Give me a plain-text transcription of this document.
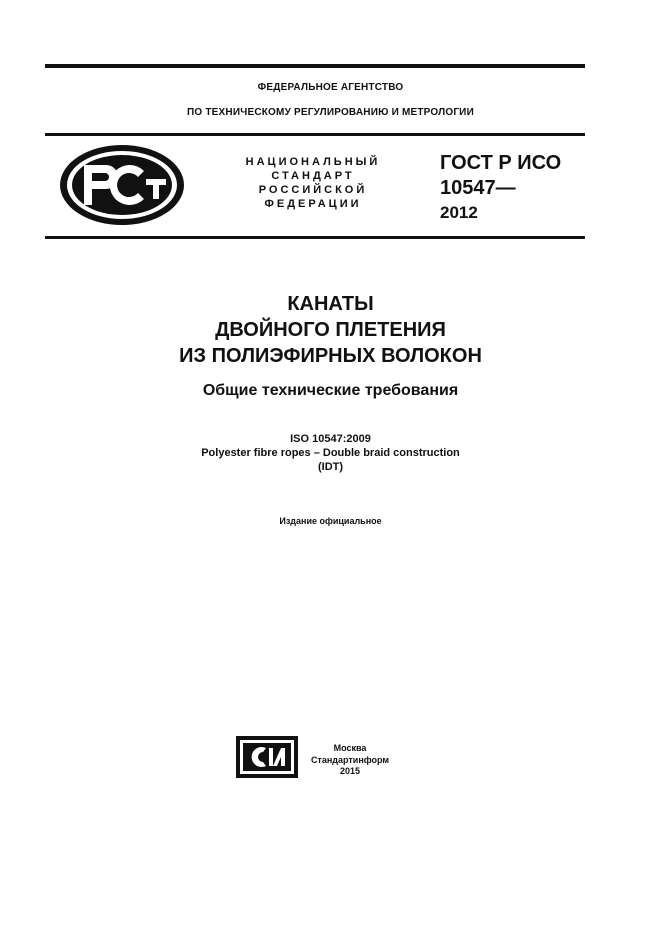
ФЕДЕРАЛЬНОЕ АГЕНТСТВО
ПО ТЕХНИЧЕСКОМУ РЕГУЛИРОВАНИЮ И МЕТРОЛОГИИ
НАЦИОНАЛЬНЫЙ
СТАНДАРТ
РОССИЙСКОЙ
ФЕДЕРАЦИИ
ГОСТ Р ИСО
10547—
2012
КАНАТЫ
ДВОЙНОГО ПЛЕТЕНИЯ
ИЗ ПОЛИЭФИРНЫХ ВОЛОКОН
Общие технические требования
ISO 10547:2009
Polyester fibre ropes – Double braid construction
(IDT)
Издание официальное
Москва
Стандартинформ
2015
